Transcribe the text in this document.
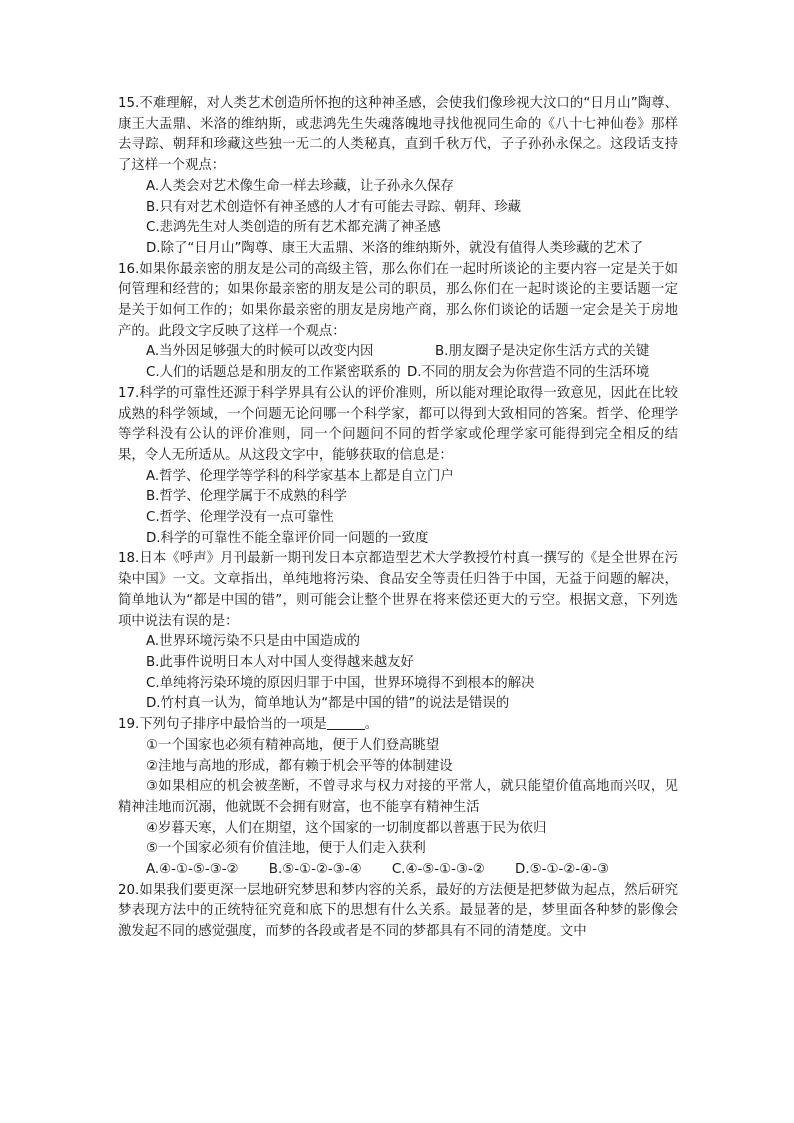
15.不难理解，对人类艺术创造所怀抱的这种神圣感，会使我们像珍视大汶口的“日月山”陶尊、康王大盂鼎、米洛的维纳斯，或悲鸿先生失魂落魄地寻找他视同生命的《八十七神仙卷》那样去寻踪、朝拜和珍藏这些独一无二的人类秘真，直到千秋万代，子子孙孙永保之。这段话支持了这样一个观点：

A.人类会对艺术像生命一样去珍藏，让子孙永久保存

B.只有对艺术创造怀有神圣感的人才有可能去寻踪、朝拜、珍藏

C.悲鸿先生对人类创造的所有艺术都充满了神圣感

D.除了“日月山”陶尊、康王大盂鼎、米洛的维纳斯外，就没有值得人类珍藏的艺术了

16.如果你最亲密的朋友是公司的高级主管，那么你们在一起时所谈论的主要内容一定是关于如何管理和经营的；如果你最亲密的朋友是公司的职员，那么你们在一起时谈论的主要话题一定是关于如何工作的；如果你最亲密的朋友是房地产商，那么你们谈论的话题一定会是关于房地产的。此段文字反映了这样一个观点：

A.当外因足够强大的时候可以改变内因	B.朋友圈子是决定你生活方式的关键
C.人们的话题总是和朋友的工作紧密联系的 D.不同的朋友会为你营造不同的生活环境

17.科学的可靠性还源于科学界具有公认的评价准则，所以能对理论取得一致意见，因此在比较成熟的科学领域，一个问题无论问哪一个科学家，都可以得到大致相同的答案。哲学、伦理学等学科没有公认的评价准则，同一个问题问不同的哲学家或伦理学家可能得到完全相反的结果，令人无所适从。从这段文字中，能够获取的信息是：

A.哲学、伦理学等学科的科学家基本上都是自立门户

B.哲学、伦理学属于不成熟的科学

C.哲学、伦理学没有一点可靠性

D.科学的可靠性不能全靠评价同一问题的一致度

18.日本《呼声》月刊最新一期刊发日本京都造型艺术大学教授竹村真一撰写的《是全世界在污染中国》一文。文章指出，单纯地将污染、食品安全等责任归咎于中国，无益于问题的解决，简单地认为“都是中国的错”，则可能会让整个世界在将来偿还更大的亏空。根据文意，下列选项中说法有误的是：

A.世界环境污染不只是由中国造成的

B.此事件说明日本人对中国人变得越来越友好

C.单纯将污染环境的原因归罪于中国，世界环境得不到根本的解决

D.竹村真一认为，简单地认为“都是中国的错”的说法是错误的

19.下列句子排序中最恰当的一项是	。

①一个国家也必须有精神高地，便于人们登高眺望

②洼地与高地的形成，都有赖于机会平等的体制建设

③如果相应的机会被垄断，不曾寻求与权力对接的平常人，就只能望价值高地而兴叹，见精神洼地而沉溺，他就既不会拥有财富，也不能享有精神生活

④岁暮天寒，人们在期望，这个国家的一切制度都以普惠于民为依归

⑤一个国家必须有价值洼地，便于人们走入获利

A.④-①-⑤-③-② B.⑤-①-②-③-④ C.④-⑤-①-③-② D.⑤-①-②-④-③

20.如果我们要更深一层地研究梦思和梦内容的关系，最好的方法便是把梦做为起点，然后研究梦表现方法中的正统特征究竟和底下的思想有什么关系。最显著的是，梦里面各种梦的影像会激发起不同的感觉强度，而梦的各段或者是不同的梦都具有不同的清楚度。文中
